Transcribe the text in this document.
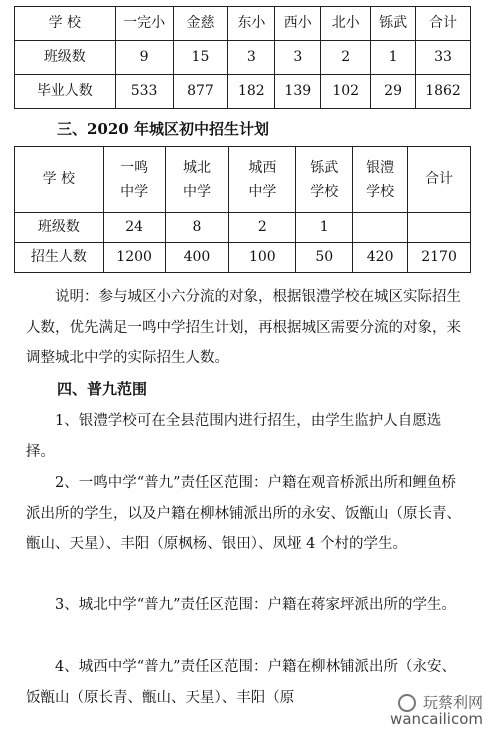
学 校	一完小	金慈	东小	西小	北小	铄武	合计
班级数	9	15	3	3	2	1	33
毕业人数	533	877	182	139	102	29	1862
三、2020 年城区初中招生计划
学 校	一鸣中学	城北中学	城西中学	铄武学校	银澧学校	合计
班级数	24	8	2	1		
招生人数	1200	400	100	50	420	2170

说明：参与城区小六分流的对象，根据银澧学校在城区实际招生人数，优先满足一鸣中学招生计划，再根据城区需要分流的对象，来调整城北中学的实际招生人数。

四、普九范围

1、银澧学校可在全县范围内进行招生，由学生监护人自愿选择。

2、一鸣中学“普九”责任区范围：户籍在观音桥派出所和鲤鱼桥派出所的学生，以及户籍在柳林铺派出所的永安、饭甑山（原长青、甑山、天星）、丰阳（原枫杨、银田）、凤垭 4 个村的学生。

3、城北中学“普九”责任区范围：户籍在蒋家坪派出所的学生。

4、城西中学“普九”责任区范围：户籍在柳林铺派出所（永安、饭甑山（原长青、甑山、天星）、丰阳（原	玩蔡利网
wancailicom
